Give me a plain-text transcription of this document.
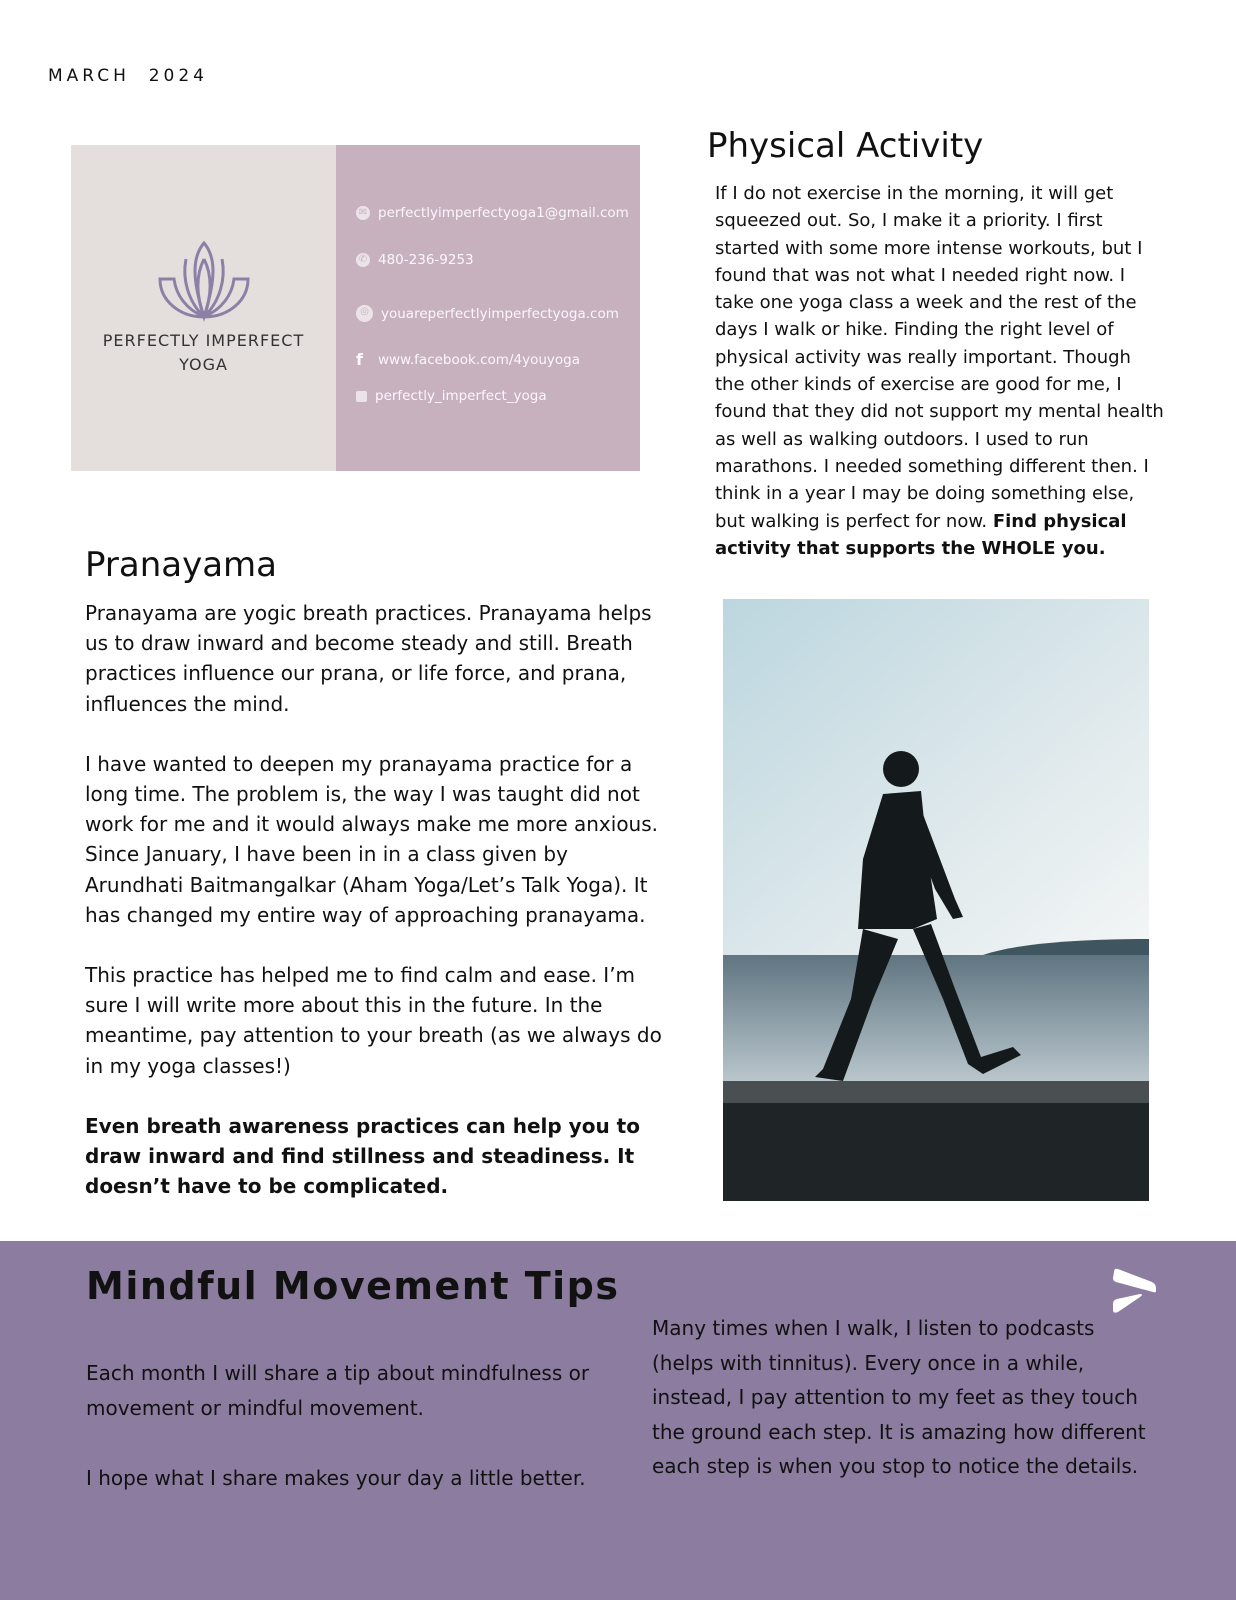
MARCH  2024
PERFECTLY IMPERFECT
YOGA
✉ perfectlyimperfectyoga1@gmail.com
✆ 480-236-9253
◎ youareperfectlyimperfectyoga.com
f	www.facebook.com/4youyoga
perfectly_imperfect_yoga
Physical Activity
If I do not exercise in the morning, it will get squeezed out. So, I make it a priority. I first started with some more intense workouts, but I found that was not what I needed right now. I take one yoga class a week and the rest of the days I walk or hike. Finding the right level of physical activity was really important. Though the other kinds of exercise are good for me, I found that they did not support my mental health as well as walking outdoors. I used to run marathons. I needed something different then. I think in a year I may be doing something else, but walking is perfect for now. Find physical activity that supports the WHOLE you.
Pranayama

Pranayama are yogic breath practices. Pranayama helps us to draw inward and become steady and still. Breath practices influence our prana, or life force, and prana, influences the mind.

I have wanted to deepen my pranayama practice for a long time. The problem is, the way I was taught did not work for me and it would always make me more anxious. Since January, I have been in in a class given by Arundhati Baitmangalkar (Aham Yoga/Let’s Talk Yoga). It has changed my entire way of approaching pranayama.

This practice has helped me to find calm and ease. I’m sure I will write more about this in the future. In the meantime, pay attention to your breath (as we always do in my yoga classes!)

Even breath awareness practices can help you to draw inward and find stillness and steadiness. It doesn’t have to be complicated.

Mindful Movement Tips

Each month I will share a tip about mindfulness or movement or mindful movement.

I hope what I share makes your day a little better.

Many times when I walk, I listen to podcasts (helps with tinnitus). Every once in a while, instead, I pay attention to my feet as they touch the ground each step. It is amazing how different each step is when you stop to notice the details.
